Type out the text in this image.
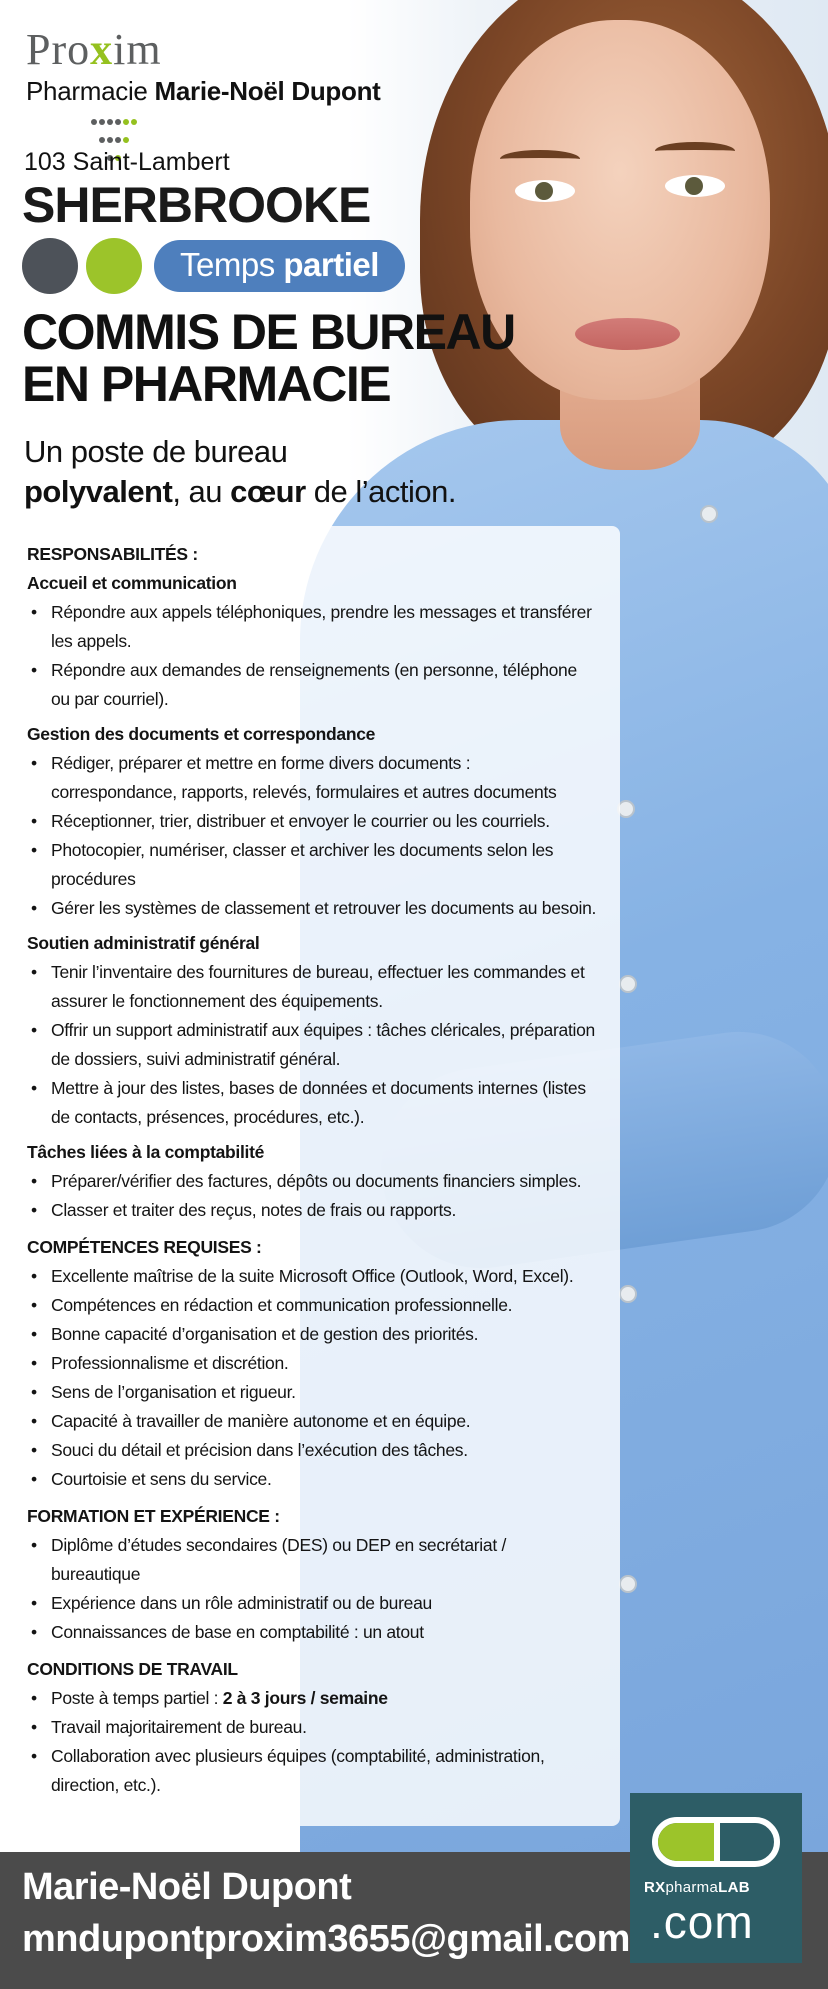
Proxim
Pharmacie Marie-Noël Dupont

103 Saint-Lambert
SHERBROOKE
Temps partiel
COMMIS DE BUREAU
EN PHARMACIE
Un poste de bureau
polyvalent, au cœur de l’action.
RESPONSABILITÉS :
Accueil et communication
• Répondre aux appels téléphoniques, prendre les messages et transférer les appels.
• Répondre aux demandes de renseignements (en personne, téléphone ou par courriel).
Gestion des documents et correspondance
• Rédiger, préparer et mettre en forme divers documents : correspondance, rapports, relevés, formulaires et autres documents
• Réceptionner, trier, distribuer et envoyer le courrier ou les courriels.
• Photocopier, numériser, classer et archiver les documents selon les procédures
• Gérer les systèmes de classement et retrouver les documents au besoin.
Soutien administratif général
• Tenir l’inventaire des fournitures de bureau, effectuer les commandes et assurer le fonctionnement des équipements.
• Offrir un support administratif aux équipes : tâches cléricales, préparation de dossiers, suivi administratif général.
• Mettre à jour des listes, bases de données et documents internes (listes de contacts, présences, procédures, etc.).
Tâches liées à la comptabilité
• Préparer/vérifier des factures, dépôts ou documents financiers simples.
• Classer et traiter des reçus, notes de frais ou rapports.
COMPÉTENCES REQUISES :
• Excellente maîtrise de la suite Microsoft Office (Outlook, Word, Excel).
• Compétences en rédaction et communication professionnelle.
• Bonne capacité d’organisation et de gestion des priorités.
• Professionnalisme et discrétion.
• Sens de l’organisation et rigueur.
• Capacité à travailler de manière autonome et en équipe.
• Souci du détail et précision dans l’exécution des tâches.
• Courtoisie et sens du service.
FORMATION ET EXPÉRIENCE :
• Diplôme d’études secondaires (DES) ou DEP en secrétariat / bureautique
• Expérience dans un rôle administratif ou de bureau
• Connaissances de base en comptabilité : un atout
CONDITIONS DE TRAVAIL
• Poste à temps partiel : 2 à 3 jours / semaine
• Travail majoritairement de bureau.
• Collaboration avec plusieurs équipes (comptabilité, administration, direction, etc.).
Marie-Noël Dupont
mndupontproxim3655@gmail.com
RXpharmaLAB
.com
